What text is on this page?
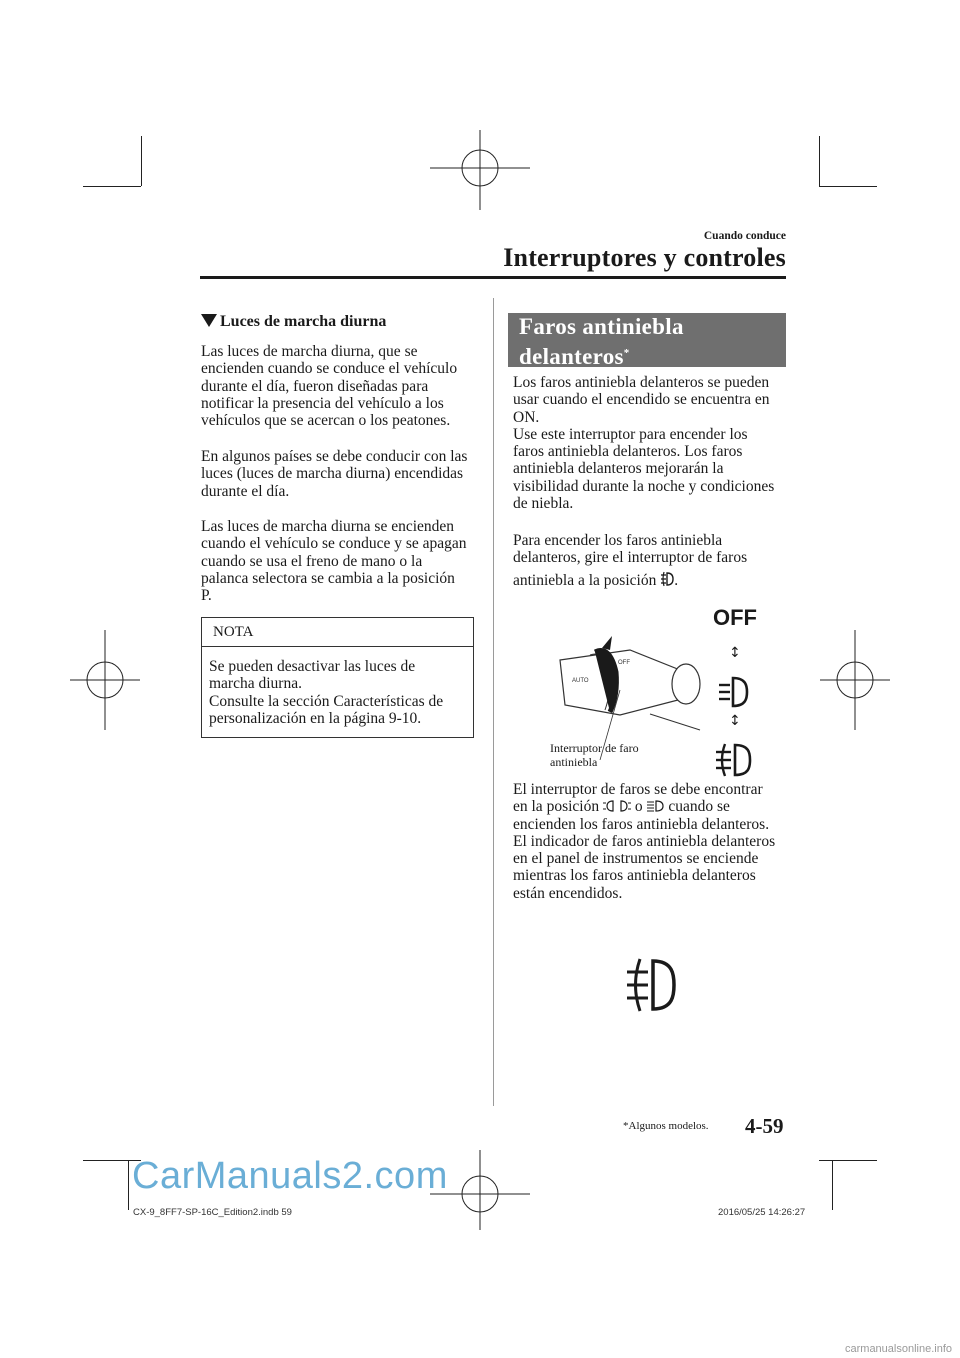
Cuando conduce
Interruptores y controles
Luces de marcha diurna
Las luces de marcha diurna, que se
encienden cuando se conduce el vehículo
durante el día, fueron diseñadas para
notificar la presencia del vehículo a los
vehículos que se acercan o los peatones.
En algunos países se debe conducir con las
luces (luces de marcha diurna) encendidas
durante el día.
Las luces de marcha diurna se encienden
cuando el vehículo se conduce y se apagan
cuando se usa el freno de mano o la
palanca selectora se cambia a la posición
P.
NOTA
Se pueden desactivar las luces de
marcha diurna.
Consulte la sección Características de
personalización en la página 9-10.
Faros antiniebla
delanteros*
Los faros antiniebla delanteros se pueden
usar cuando el encendido se encuentra en
ON.
Use este interruptor para encender los
faros antiniebla delanteros. Los faros
antiniebla delanteros mejorarán la
visibilidad durante la noche y condiciones
de niebla.
Para encender los faros antiniebla
delanteros, gire el interruptor de faros
antiniebla a la posición .
OFF
AUTO
OFF
↕
↕
Interruptor de faro
antiniebla
El interruptor de faros se debe encontrar
en la posición o cuando se
encienden los faros antiniebla delanteros.
El indicador de faros antiniebla delanteros
en el panel de instrumentos se enciende
mientras los faros antiniebla delanteros
están encendidos.
*Algunos modelos. 4-59
CarManuals2.com
CX-9_8FF7-SP-16C_Edition2.indb 59	2016/05/25 14:26:27
carmanualsonline.info
